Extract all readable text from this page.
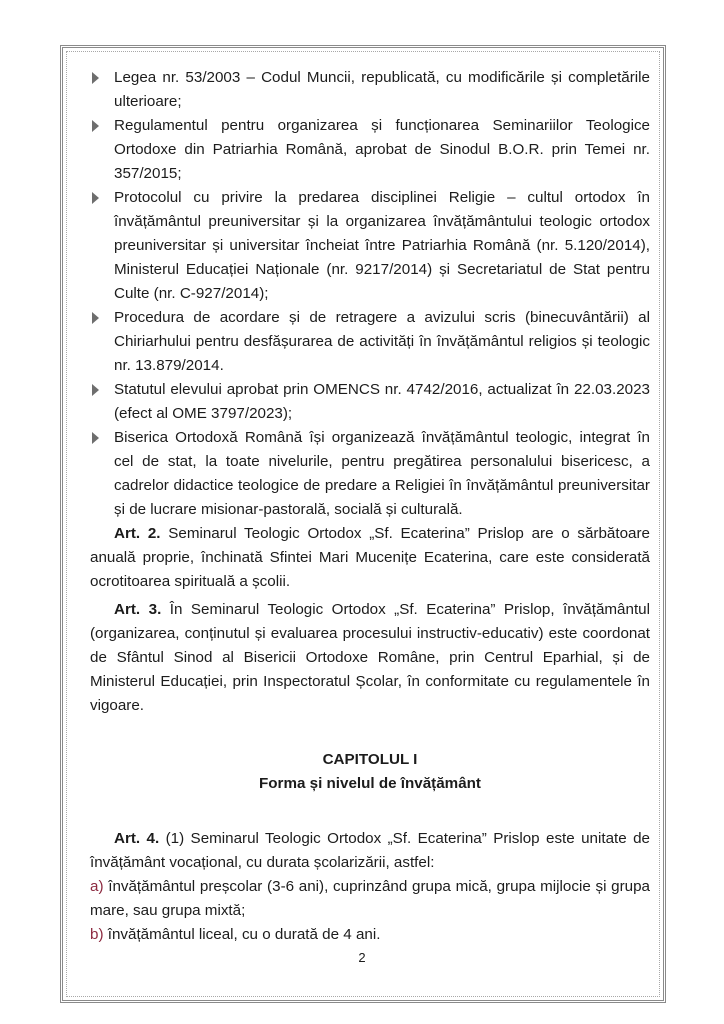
Legea nr. 53/2003 – Codul Muncii, republicată, cu modificările și completările ulterioare;
Regulamentul pentru organizarea și funcționarea Seminariilor Teologice Ortodoxe din Patriarhia Română, aprobat de Sinodul B.O.R. prin Temei nr. 357/2015;
Protocolul cu privire la predarea disciplinei Religie – cultul ortodox în învățământul preuniversitar și la organizarea învățământului teologic ortodox preuniversitar și universitar încheiat între Patriarhia Română (nr. 5.120/2014), Ministerul Educației Naționale (nr. 9217/2014) și Secretariatul de Stat pentru Culte (nr. C-927/2014);
Procedura de acordare și de retragere a avizului scris (binecuvântării) al Chiriarhului pentru desfășurarea de activități în învățământul religios și teologic nr. 13.879/2014.
Statutul elevului aprobat prin OMENCS nr. 4742/2016, actualizat în 22.03.2023 (efect al OME 3797/2023);
Biserica Ortodoxă Română își organizează învățământul teologic, integrat în cel de stat, la toate nivelurile, pentru pregătirea personalului bisericesc, a cadrelor didactice teologice de predare a Religiei în învățământul preuniversitar și de lucrare misionar-pastorală, socială și culturală.

Art. 2. Seminarul Teologic Ortodox „Sf. Ecaterina” Prislop are o sărbătoare anuală proprie, închinată Sfintei Mari Mucenițe Ecaterina, care este considerată ocrotitoarea spirituală a școlii.

Art. 3. În Seminarul Teologic Ortodox „Sf. Ecaterina” Prislop, învățământul (organizarea, conținutul și evaluarea procesului instructiv-educativ) este coordonat de Sfântul Sinod al Bisericii Ortodoxe Române, prin Centrul Eparhial, și de Ministerul Educației, prin Inspectoratul Școlar, în conformitate cu regulamentele în vigoare.

CAPITOLUL I

Forma și nivelul de învățământ

Art. 4. (1) Seminarul Teologic Ortodox „Sf. Ecaterina” Prislop este unitate de învățământ vocațional, cu durata școlarizării, astfel:

a) învățământul preșcolar (3-6 ani), cuprinzând grupa mică, grupa mijlocie și grupa mare, sau grupa mixtă;

b) învățământul liceal, cu o durată de 4 ani.

2
